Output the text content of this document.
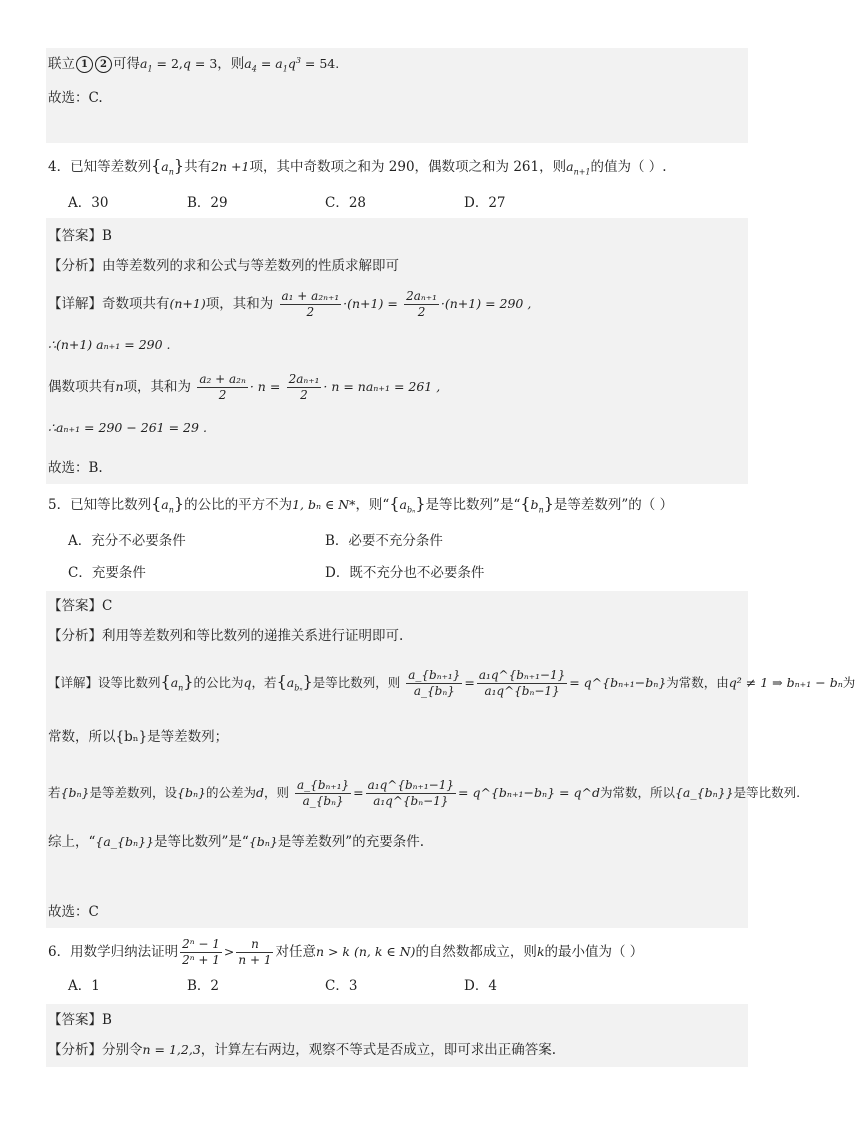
联立 1 2 可得$a_1 = 2,q = 3$，则$a_4 = a_1q^3 = 54$.
故选：C.
4．已知等差数列$\{a_n\}$共有2n +1项，其中奇数项之和为 290，偶数项之和为 261，则$a_{n+1}$的值为（ ）.
A．30	B．29	C．28	D．27
【答案】B
【分析】由等差数列的求和公式与等差数列的性质求解即可
【详解】奇数项共有(n+1)项，其和为 $\frac{\text{a₁ + a₂ₙ₊₁}}{2} \cdot(n+1) = \frac{\text{2aₙ₊₁}}{2} \cdot(n+1) = 290$ ,
∴(n+1) aₙ₊₁ = 290 .
偶数项共有n项，其和为 $\frac{\text{a₂ + a₂ₙ}}{2} \cdot n = \frac{\text{2aₙ₊₁}}{2} \cdot n = na_{n+1} = 261$ ,
∴aₙ₊₁ = 290 − 261 = 29 .
故选：B.
5．已知等比数列$\{a_n\}$的公比的平方不为1, bₙ ∈ N*，则“$\{a_{b_n}\}$是等比数列”是“$\{b_n\}$是等差数列”的（ ）
A．充分不必要条件	B．必要不充分条件
C．充要条件	D．既不充分也不必要条件
【答案】C
【分析】利用等差数列和等比数列的递推关系进行证明即可.
【详解】设等比数列$\{a_n\}$的公比为q，若$\{a_{b_n}\}$是等比数列，则 $\frac{\text{a\_\{bₙ₊₁\}}}{\text{a\_\{bₙ\}}} = \frac{\text{a₁q\textasciicircum{}\{bₙ₊₁−1\}}}{\text{a₁q\textasciicircum{}\{bₙ−1\}}}$ = q^{bₙ₊₁−bₙ}为常数，由q² ≠ 1 ⇒ bₙ₊₁ − bₙ为
常数，所以{bₙ}是等差数列；
若{bₙ}是等差数列，设{bₙ}的公差为d，则 $\frac{\text{a\_\{bₙ₊₁\}}}{\text{a\_\{bₙ\}}} = \frac{\text{a₁q\textasciicircum{}\{bₙ₊₁−1\}}}{\text{a₁q\textasciicircum{}\{bₙ−1\}}}$ = q^{bₙ₊₁−bₙ} = q^d为常数，所以{a_{bₙ}}是等比数列.
综上，“{a_{bₙ}}是等比数列”是“{bₙ}是等差数列”的充要条件.
故选：C
6．用数学归纳法证明 $\frac{\text{2ⁿ − 1}}{\text{2ⁿ + 1}} > \frac{n}{n + 1}$ 对任意n > k (n, k ∈ N)的自然数都成立，则k的最小值为（ ）
A．1	B．2	C．3	D．4
【答案】B
【分析】分别令n = 1,2,3，计算左右两边，观察不等式是否成立，即可求出正确答案.
